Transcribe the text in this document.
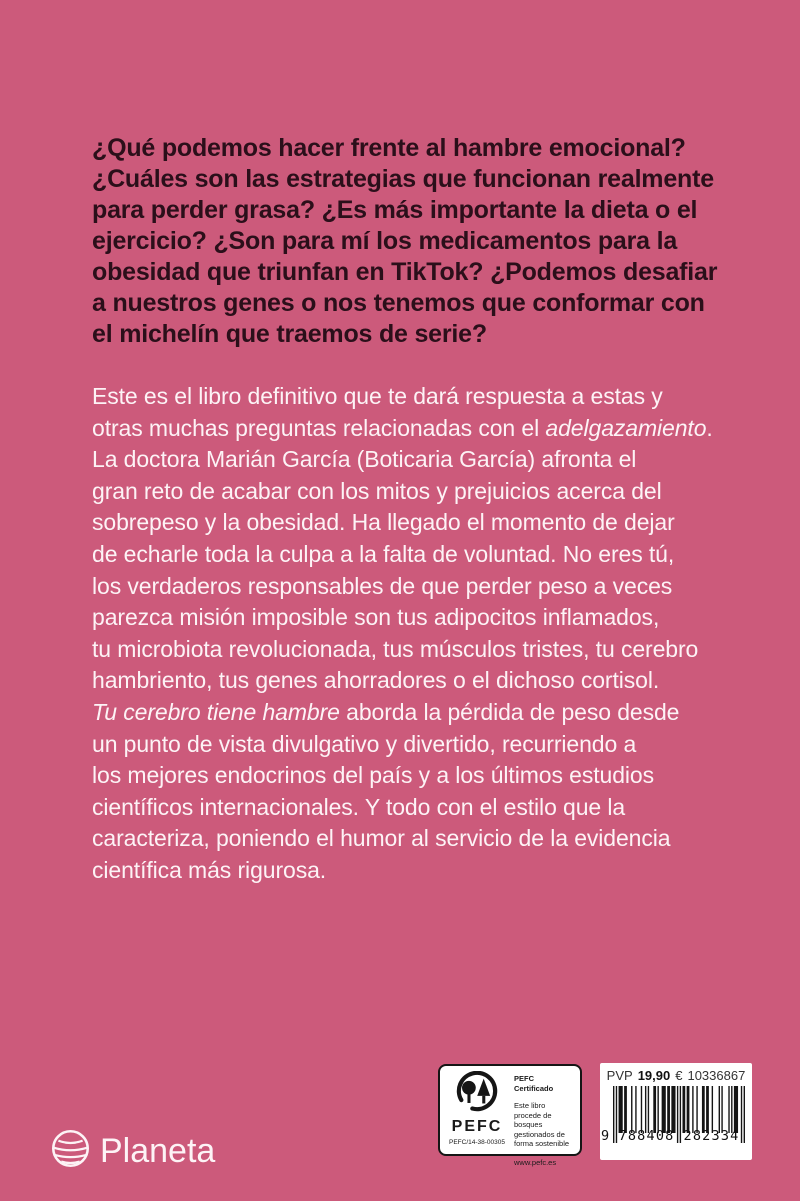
¿Qué podemos hacer frente al hambre emocional?
¿Cuáles son las estrategias que funcionan realmente
para perder grasa? ¿Es más importante la dieta o el
ejercicio? ¿Son para mí los medicamentos para la
obesidad que triunfan en TikTok? ¿Podemos desafiar
a nuestros genes o nos tenemos que conformar con
el michelín que traemos de serie?
Este es el libro definitivo que te dará respuesta a estas y
otras muchas preguntas relacionadas con el adelgazamiento.
La doctora Marián García (Boticaria García) afronta el
gran reto de acabar con los mitos y prejuicios acerca del
sobrepeso y la obesidad. Ha llegado el momento de dejar
de echarle toda la culpa a la falta de voluntad. No eres tú,
los verdaderos responsables de que perder peso a veces
parezca misión imposible son tus adipocitos inflamados,
tu microbiota revolucionada, tus músculos tristes, tu cerebro
hambriento, tus genes ahorradores o el dichoso cortisol.
Tu cerebro tiene hambre aborda la pérdida de peso desde
un punto de vista divulgativo y divertido, recurriendo a
los mejores endocrinos del país y a los últimos estudios
científicos internacionales. Y todo con el estilo que la
caracteriza, poniendo el humor al servicio de la evidencia
científica más rigurosa.
PEFC
PEFC/14-38-00305
PEFC Certificado
Este libro procede de bosques gestionados de forma sostenible
www.pefc.es
PVP 19,90 € 10336867
9 788408 282334
Planeta
